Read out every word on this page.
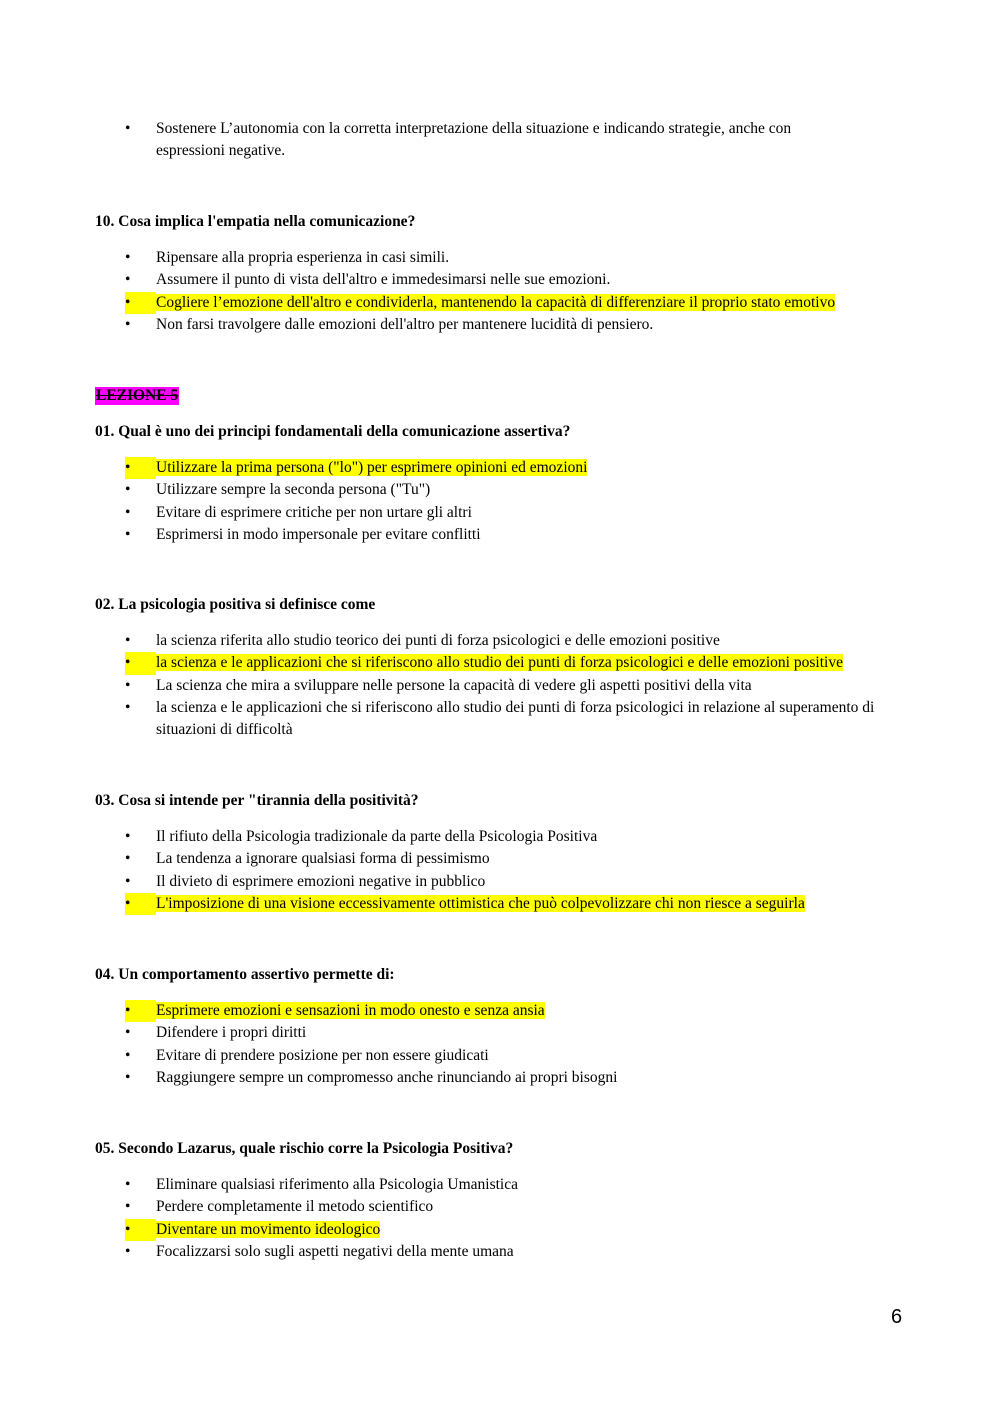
•	Sostenere L’autonomia con la corretta interpretazione della situazione e indicando strategie, anche con espressioni negative.

10. Cosa implica l'empatia nella comunicazione?

•	Ripensare alla propria esperienza in casi simili.
•	Assumere il punto di vista dell'altro e immedesimarsi nelle sue emozioni.
•	Cogliere l’emozione dell'altro e condividerla, mantenendo la capacità di differenziare il proprio stato emotivo
•	Non farsi travolgere dalle emozioni dell'altro per mantenere lucidità di pensiero.
LEZIONE 5

01. Qual è uno dei principi fondamentali della comunicazione assertiva?

•	Utilizzare la prima persona ("lo") per esprimere opinioni ed emozioni
•	Utilizzare sempre la seconda persona ("Tu")
•	Evitare di esprimere critiche per non urtare gli altri
•	Esprimersi in modo impersonale per evitare conflitti

02. La psicologia positiva si definisce come

•	la scienza riferita allo studio teorico dei punti di forza psicologici e delle emozioni positive
•	la scienza e le applicazioni che si riferiscono allo studio dei punti di forza psicologici e delle emozioni positive
•	La scienza che mira a sviluppare nelle persone la capacità di vedere gli aspetti positivi della vita
•	la scienza e le applicazioni che si riferiscono allo studio dei punti di forza psicologici in relazione al superamento di situazioni di difficoltà

03. Cosa si intende per "tirannia della positività?

•	Il rifiuto della Psicologia tradizionale da parte della Psicologia Positiva
•	La tendenza a ignorare qualsiasi forma di pessimismo
•	Il divieto di esprimere emozioni negative in pubblico
•	L'imposizione di una visione eccessivamente ottimistica che può colpevolizzare chi non riesce a seguirla

04. Un comportamento assertivo permette di:

•	Esprimere emozioni e sensazioni in modo onesto e senza ansia
•	Difendere i propri diritti
•	Evitare di prendere posizione per non essere giudicati
•	Raggiungere sempre un compromesso anche rinunciando ai propri bisogni

05. Secondo Lazarus, quale rischio corre la Psicologia Positiva?

•	Eliminare qualsiasi riferimento alla Psicologia Umanistica
•	Perdere completamente il metodo scientifico
•	Diventare un movimento ideologico
•	Focalizzarsi solo sugli aspetti negativi della mente umana
6
